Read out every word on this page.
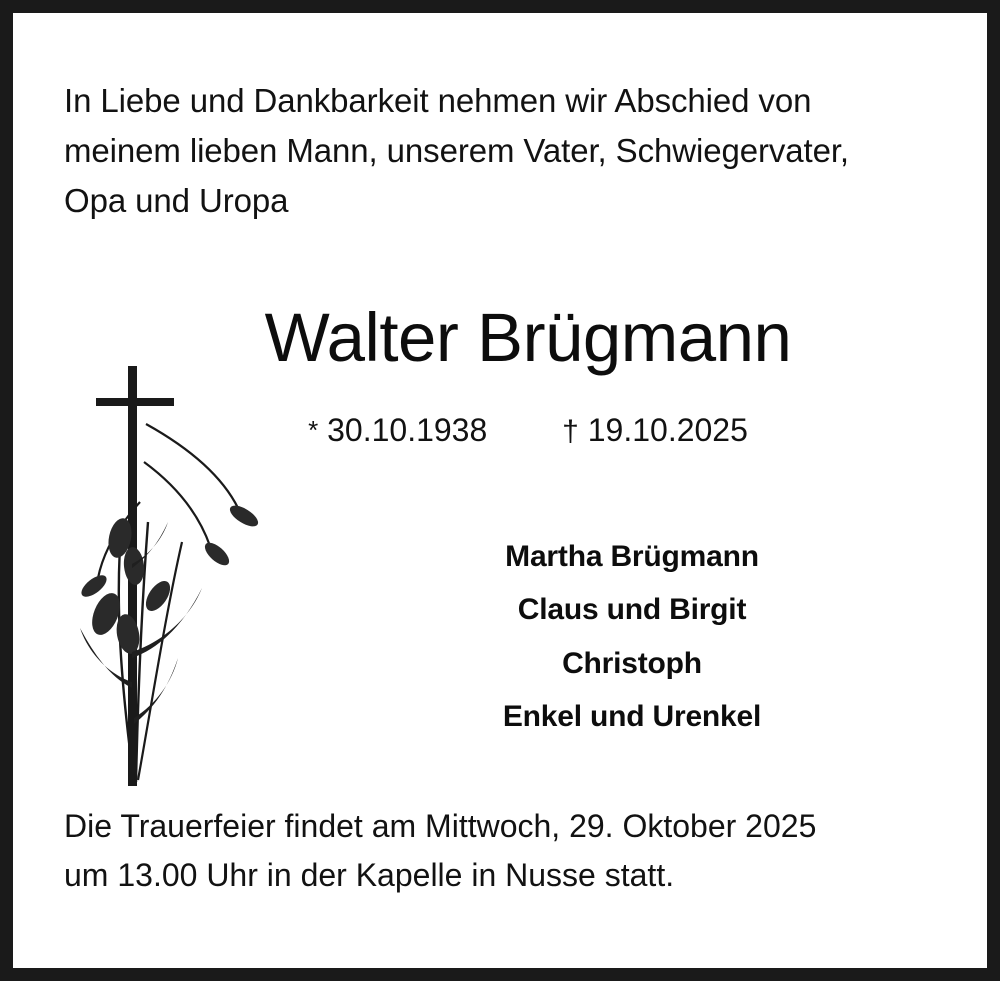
In Liebe und Dankbarkeit nehmen wir Abschied von
meinem lieben Mann, unserem Vater, Schwiegervater,
Opa und Uropa
Walter Brügmann
* 30.10.1938 † 19.10.2025
Martha Brügmann
Claus und Birgit
Christoph
Enkel und Urenkel
Die Trauerfeier findet am Mittwoch, 29. Oktober 2025
um 13.00 Uhr in der Kapelle in Nusse statt.
